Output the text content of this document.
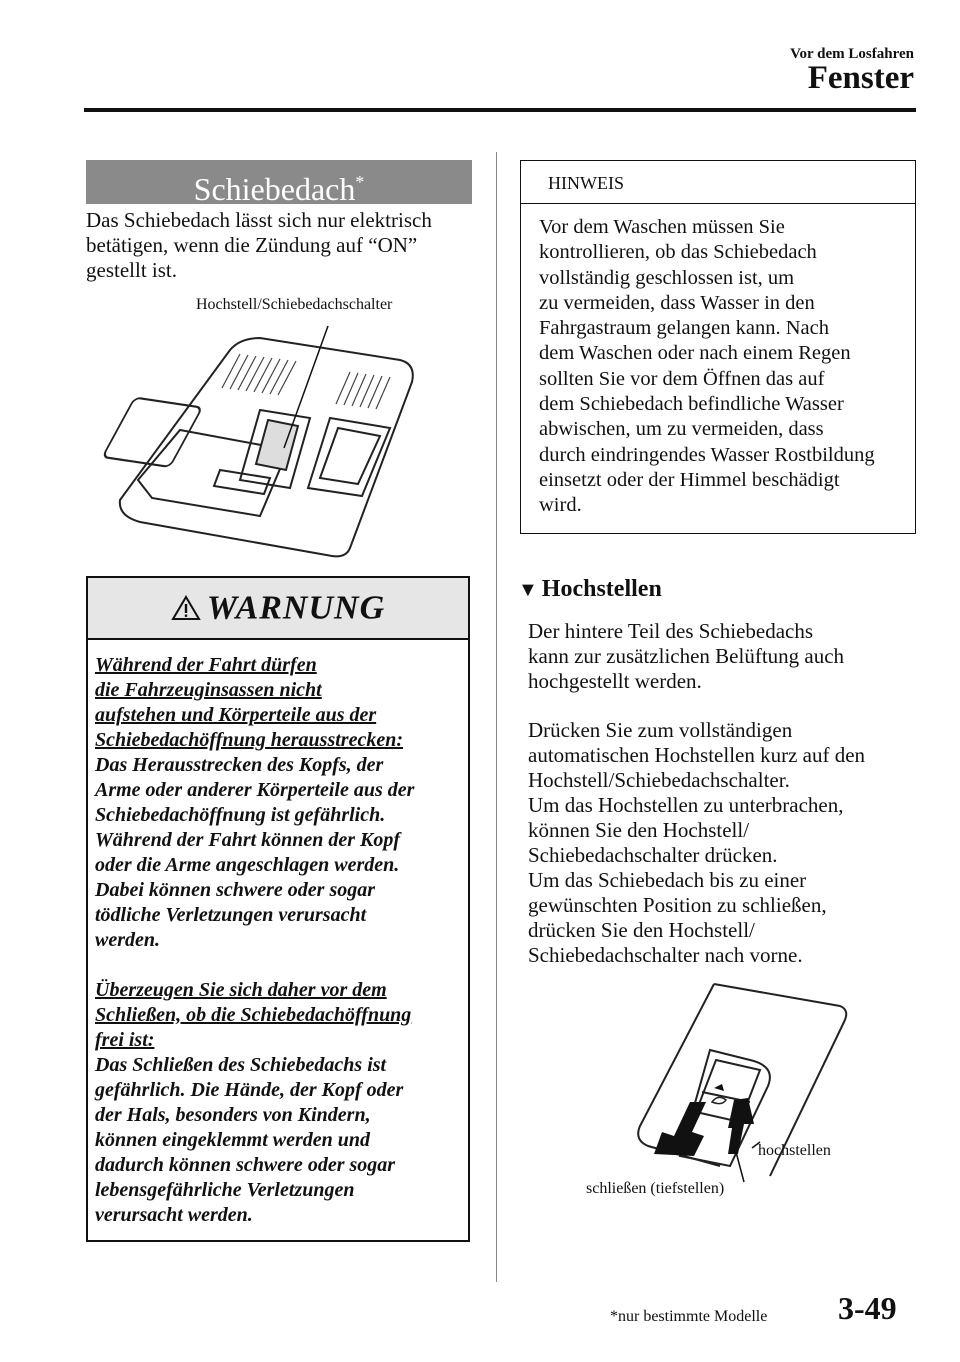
Vor dem Losfahren
Fenster
Schiebedach*
Das Schiebedach lässt sich nur elektrisch
betätigen, wenn die Zündung auf “ON”
gestellt ist.
Hochstell/Schiebedachschalter
WARNUNG
Während der Fahrt dürfen
die Fahrzeuginsassen nicht
aufstehen und Körperteile aus der
Schiebedachöffnung herausstrecken:
Das Herausstrecken des Kopfs, der
Arme oder anderer Körperteile aus der
Schiebedachöffnung ist gefährlich.
Während der Fahrt können der Kopf
oder die Arme angeschlagen werden.
Dabei können schwere oder sogar
tödliche Verletzungen verursacht
werden.
Überzeugen Sie sich daher vor dem
Schließen, ob die Schiebedachöffnung
frei ist:
Das Schließen des Schiebedachs ist
gefährlich. Die Hände, der Kopf oder
der Hals, besonders von Kindern,
können eingeklemmt werden und
dadurch können schwere oder sogar
lebensgefährliche Verletzungen
verursacht werden.
HINWEIS
Vor dem Waschen müssen Sie
kontrollieren, ob das Schiebedach
vollständig geschlossen ist, um
zu vermeiden, dass Wasser in den
Fahrgastraum gelangen kann. Nach
dem Waschen oder nach einem Regen
sollten Sie vor dem Öffnen das auf
dem Schiebedach befindliche Wasser
abwischen, um zu vermeiden, dass
durch eindringendes Wasser Rostbildung
einsetzt oder der Himmel beschädigt
wird.
▼ Hochstellen
Der hintere Teil des Schiebedachs
kann zur zusätzlichen Belüftung auch
hochgestellt werden.
Drücken Sie zum vollständigen
automatischen Hochstellen kurz auf den
Hochstell/Schiebedachschalter.
Um das Hochstellen zu unterbrachen,
können Sie den Hochstell/
Schiebedachschalter drücken.
Um das Schiebedach bis zu einer
gewünschten Position zu schließen,
drücken Sie den Hochstell/
Schiebedachschalter nach vorne.
hochstellen
schließen (tiefstellen)
*nur bestimmte Modelle 3-49
